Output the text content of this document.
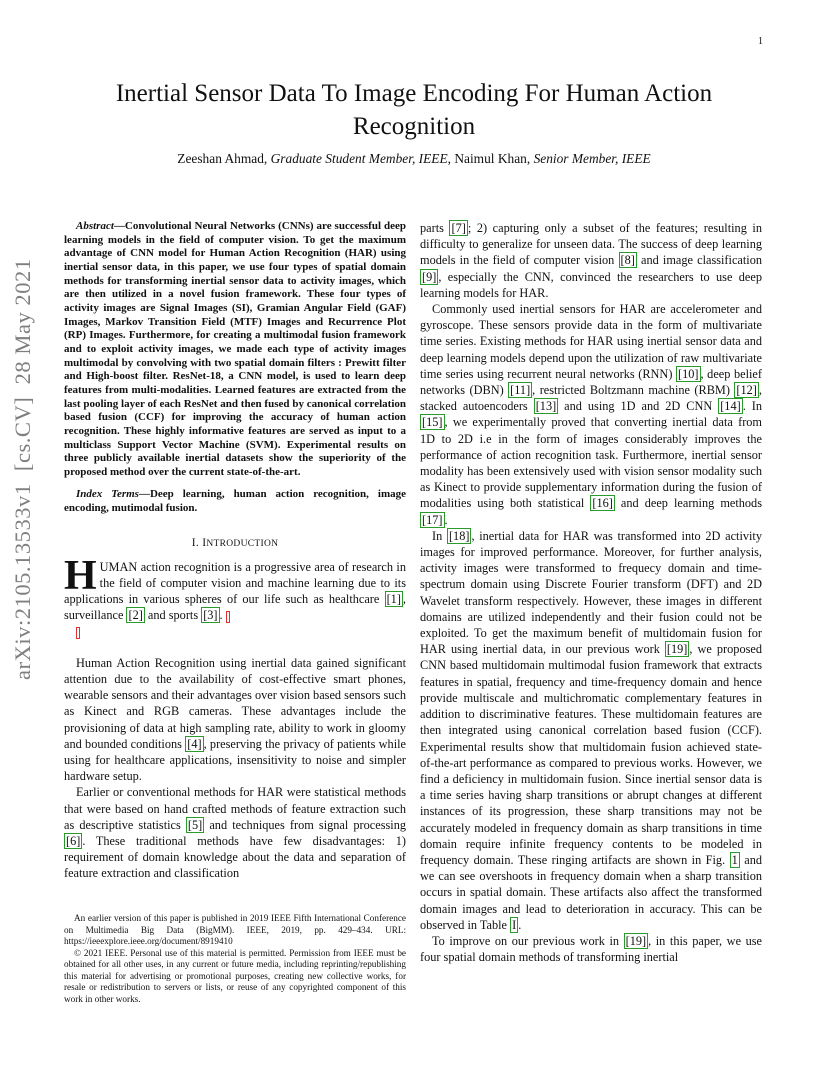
1
arXiv:2105.13533v1  [cs.CV]  28 May 2021
Inertial Sensor Data To Image Encoding For Human Action Recognition
Zeeshan Ahmad, Graduate Student Member, IEEE, Naimul Khan, Senior Member, IEEE

Abstract—Convolutional Neural Networks (CNNs) are successful deep learning models in the field of computer vision. To get the maximum advantage of CNN model for Human Action Recognition (HAR) using inertial sensor data, in this paper, we use four types of spatial domain methods for transforming inertial sensor data to activity images, which are then utilized in a novel fusion framework. These four types of activity images are Signal Images (SI), Gramian Angular Field (GAF) Images, Markov Transition Field (MTF) Images and Recurrence Plot (RP) Images. Furthermore, for creating a multimodal fusion framework and to exploit activity images, we made each type of activity images multimodal by convolving with two spatial domain filters : Prewitt filter and High-boost filter. ResNet-18, a CNN model, is used to learn deep features from multi-modalities. Learned features are extracted from the last pooling layer of each ResNet and then fused by canonical correlation based fusion (CCF) for improving the accuracy of human action recognition. These highly informative features are served as input to a multiclass Support Vector Machine (SVM). Experimental results on three publicly available inertial datasets show the superiority of the proposed method over the current state-of-the-art.

Index Terms—Deep learning, human action recognition, image encoding, mutimodal fusion.

I. INTRODUCTION

HUMAN action recognition is a progressive area of research in the field of computer vision and machine learning due to its applications in various spheres of our life such as healthcare [1] , surveillance [2] and sports [3] .

Human Action Recognition using inertial data gained significant attention due to the availability of cost-effective smart phones, wearable sensors and their advantages over vision based sensors such as Kinect and RGB cameras. These advantages include the provisioning of data at high sampling rate, ability to work in gloomy and bounded conditions [4] , preserving the privacy of patients while using for healthcare applications, insensitivity to noise and simpler hardware setup.

Earlier or conventional methods for HAR were statistical methods that were based on hand crafted methods of feature extraction such as descriptive statistics [5] and techniques from signal processing [6] . These traditional methods have few disadvantages: 1) requirement of domain knowledge about the data and separation of feature extraction and classification

An earlier version of this paper is published in 2019 IEEE Fifth International Conference on Multimedia Big Data (BigMM). IEEE, 2019, pp. 429–434. URL: https://ieeexplore.ieee.org/document/8919410

© 2021 IEEE. Personal use of this material is permitted. Permission from IEEE must be obtained for all other uses, in any current or future media, including reprinting/republishing this material for advertising or promotional purposes, creating new collective works, for resale or redistribution to servers or lists, or reuse of any copyrighted component of this work in other works.

parts [7] ; 2) capturing only a subset of the features; resulting in difficulty to generalize for unseen data. The success of deep learning models in the field of computer vision [8] and image classification [9] , especially the CNN, convinced the researchers to use deep learning models for HAR.

Commonly used inertial sensors for HAR are accelerometer and gyroscope. These sensors provide data in the form of multivariate time series. Existing methods for HAR using inertial sensor data and deep learning models depend upon the utilization of raw multivariate time series using recurrent neural networks (RNN) [10] , deep belief networks (DBN) [11] , restricted Boltzmann machine (RBM) [12] , stacked autoencoders [13] and using 1D and 2D CNN [14] . In [15] , we experimentally proved that converting inertial data from 1D to 2D i.e in the form of images considerably improves the performance of action recognition task. Furthermore, inertial sensor modality has been extensively used with vision sensor modality such as Kinect to provide supplementary information during the fusion of modalities using both statistical [16] and deep learning methods [17] .

In [18] , inertial data for HAR was transformed into 2D activity images for improved performance. Moreover, for further analysis, activity images were transformed to frequecy domain and time-spectrum domain using Discrete Fourier transform (DFT) and 2D Wavelet transform respectively. However, these images in different domains are utilized independently and their fusion could not be exploited. To get the maximum benefit of multidomain fusion for HAR using inertial data, in our previous work [19] , we proposed CNN based multidomain multimodal fusion framework that extracts features in spatial, frequency and time-frequency domain and hence provide multiscale and multichromatic complementary features in addition to discriminative features. These multidomain features are then integrated using canonical correlation based fusion (CCF). Experimental results show that multidomain fusion achieved state-of-the-art performance as compared to previous works. However, we find a deficiency in multidomain fusion. Since inertial sensor data is a time series having sharp transitions or abrupt changes at different instances of its progression, these sharp transitions may not be accurately modeled in frequency domain as sharp transitions in time domain require infinite frequency contents to be modeled in frequency domain. These ringing artifacts are shown in Fig. 1 and we can see overshoots in frequency domain when a sharp transition occurs in spatial domain. These artifacts also affect the transformed domain images and lead to deterioration in accuracy. This can be observed in Table I .

To improve on our previous work in [19] , in this paper, we use four spatial domain methods of transforming inertial
